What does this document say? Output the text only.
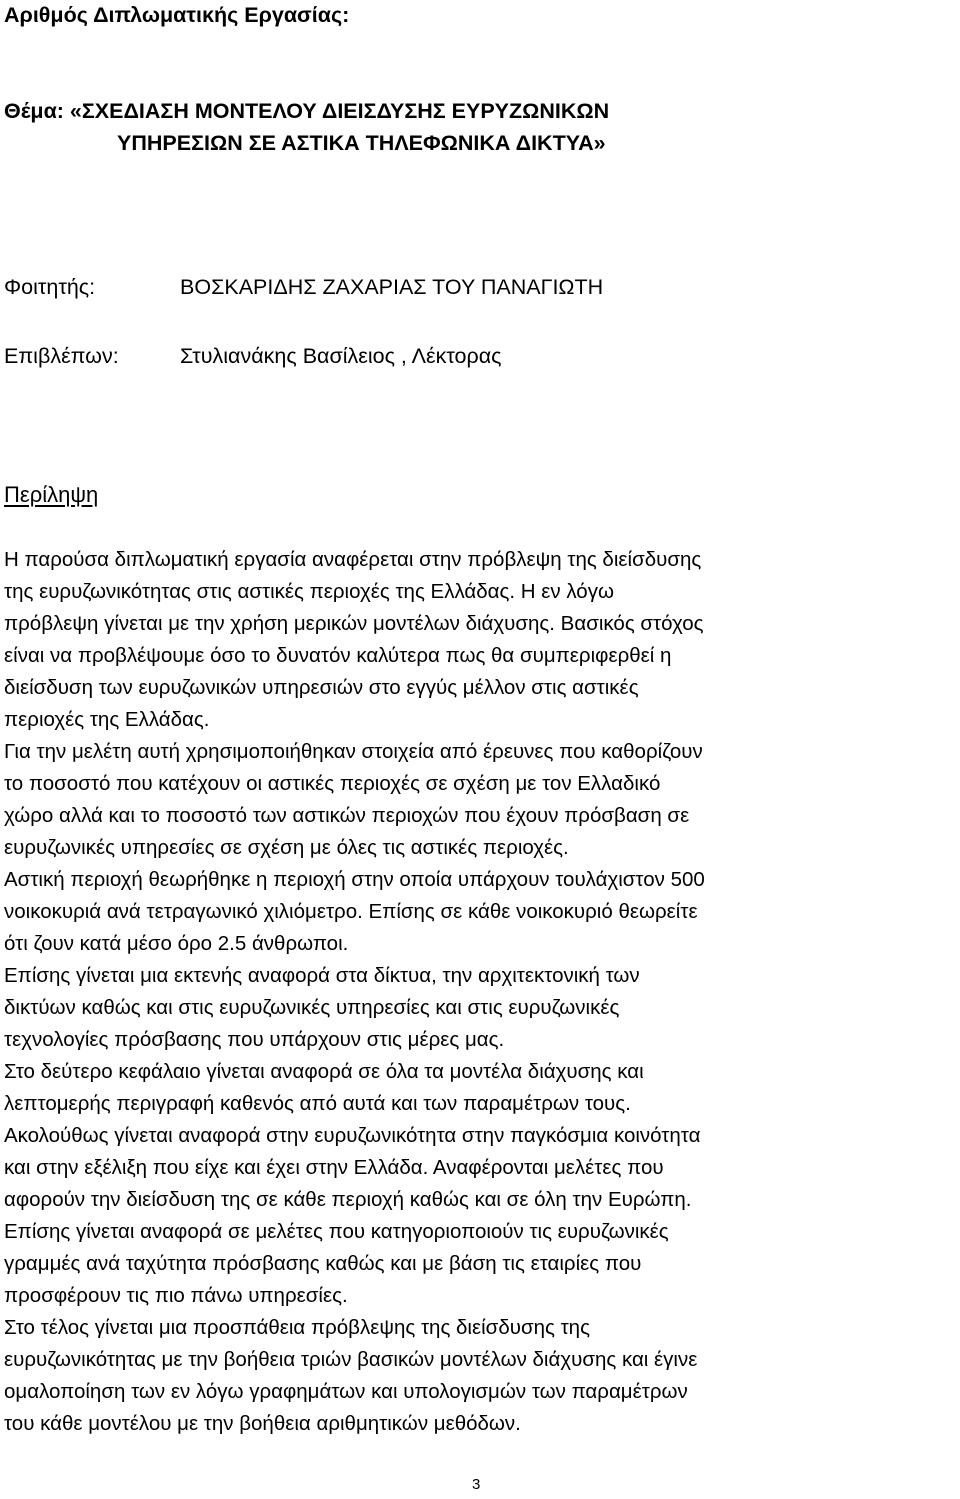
Αριθμός Διπλωματικής Εργασίας:
Θέμα: «ΣΧΕΔΙΑΣΗ ΜΟΝΤΕΛΟΥ ΔΙΕΙΣΔΥΣΗΣ ΕΥΡΥΖΩΝΙΚΩΝ
ΥΠΗΡΕΣΙΩΝ ΣΕ ΑΣΤΙΚΑ ΤΗΛΕΦΩΝΙΚΑ ΔΙΚΤΥΑ»
Φοιτητής:	ΒΟΣΚΑΡΙΔΗΣ ΖΑΧΑΡΙΑΣ ΤΟΥ ΠΑΝΑΓΙΩΤΗ
Επιβλέπων:	Στυλιανάκης Βασίλειος , Λέκτορας
Περίληψη
Η παρούσα διπλωματική εργασία αναφέρεται στην πρόβλεψη της διείσδυσης
της ευρυζωνικότητας στις αστικές περιοχές της Ελλάδας. Η εν λόγω
πρόβλεψη γίνεται με την χρήση μερικών μοντέλων διάχυσης. Βασικός στόχος
είναι να προβλέψουμε όσο το δυνατόν καλύτερα πως θα συμπεριφερθεί η
διείσδυση των ευρυζωνικών υπηρεσιών στο εγγύς μέλλον στις αστικές
περιοχές της Ελλάδας.
Για την μελέτη αυτή χρησιμοποιήθηκαν στοιχεία από έρευνες που καθορίζουν
το ποσοστό που κατέχουν οι αστικές περιοχές σε σχέση με τον Ελλαδικό
χώρο αλλά και το ποσοστό των αστικών περιοχών που έχουν πρόσβαση σε
ευρυζωνικές υπηρεσίες σε σχέση με όλες τις αστικές περιοχές.
Αστική περιοχή θεωρήθηκε η περιοχή στην οποία υπάρχουν τουλάχιστον 500
νοικοκυριά ανά τετραγωνικό χιλιόμετρο. Επίσης σε κάθε νοικοκυριό θεωρείτε
ότι ζουν κατά μέσο όρο 2.5 άνθρωποι.
Επίσης γίνεται μια εκτενής αναφορά στα δίκτυα, την αρχιτεκτονική των
δικτύων καθώς και στις ευρυζωνικές υπηρεσίες και στις ευρυζωνικές
τεχνολογίες πρόσβασης που υπάρχουν στις μέρες μας.
Στο δεύτερο κεφάλαιο γίνεται αναφορά σε όλα τα μοντέλα διάχυσης και
λεπτομερής περιγραφή καθενός από αυτά και των παραμέτρων τους.
Ακολούθως γίνεται αναφορά στην ευρυζωνικότητα στην παγκόσμια κοινότητα
και στην εξέλιξη που είχε και έχει στην Ελλάδα. Αναφέρονται μελέτες που
αφορούν την διείσδυση της σε κάθε περιοχή καθώς και σε όλη την Ευρώπη.
Επίσης γίνεται αναφορά σε μελέτες που κατηγοριοποιούν τις ευρυζωνικές
γραμμές ανά ταχύτητα πρόσβασης καθώς και με βάση τις εταιρίες που
προσφέρουν τις πιο πάνω υπηρεσίες.
Στο τέλος γίνεται μια προσπάθεια πρόβλεψης της διείσδυσης της
ευρυζωνικότητας με την βοήθεια τριών βασικών μοντέλων διάχυσης και έγινε
ομαλοποίηση των εν λόγω γραφημάτων και υπολογισμών των παραμέτρων
του κάθε μοντέλου με την βοήθεια αριθμητικών μεθόδων.
3
